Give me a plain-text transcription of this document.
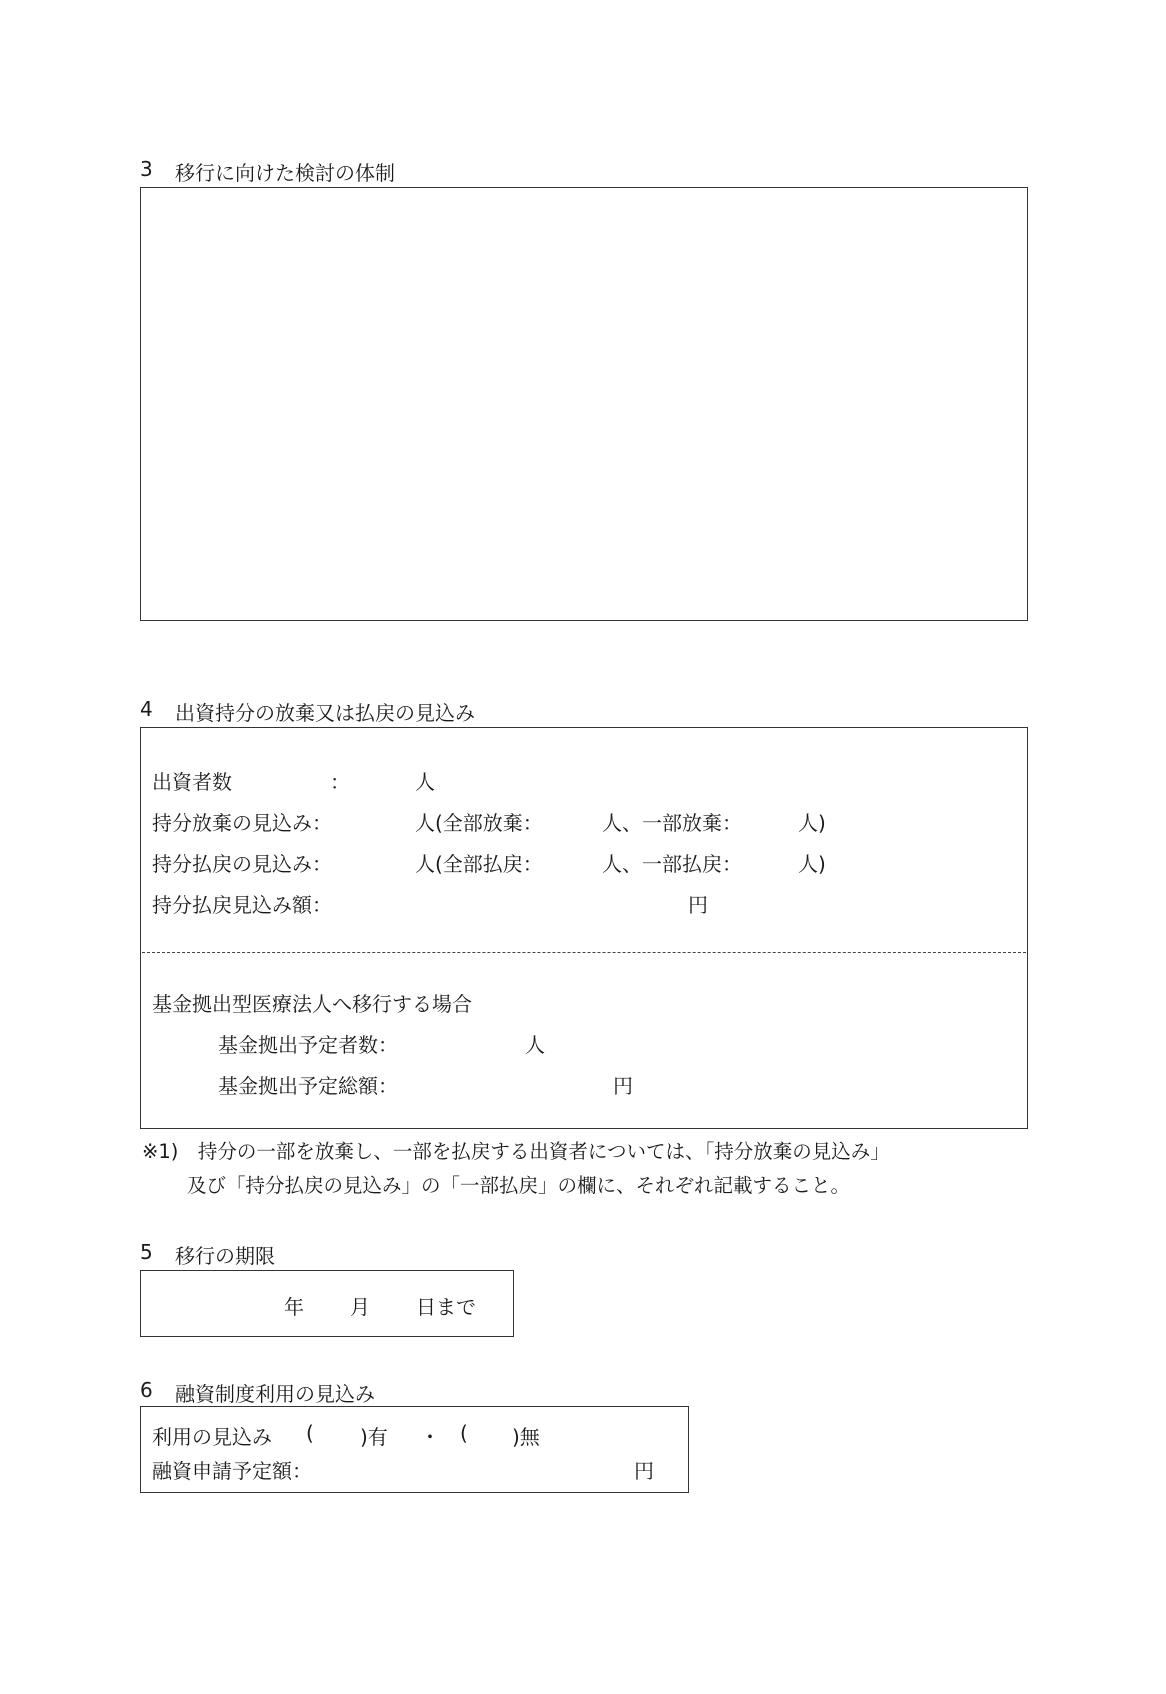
3 移行に向けた検討の体制
4 出資持分の放棄又は払戻の見込み
出資者数	：	人
持分放棄の見込み：	人(全部放棄：	人、一部放棄：	人)
持分払戻の見込み：	人(全部払戻：	人、一部払戻：	人)
持分払戻見込み額：	円
基金拠出型医療法人へ移行する場合
基金拠出予定者数：	人
基金拠出予定総額：	円
※1)　持分の一部を放棄し、一部を払戻する出資者については、「持分放棄の見込み」
及び「持分払戻の見込み」の「一部払戻」の欄に、それぞれ記載すること。
5 移行の期限
年 月 日まで
6 融資制度利用の見込み
利用の見込み ( )有 ・ ( )無
融資申請予定額：	円
